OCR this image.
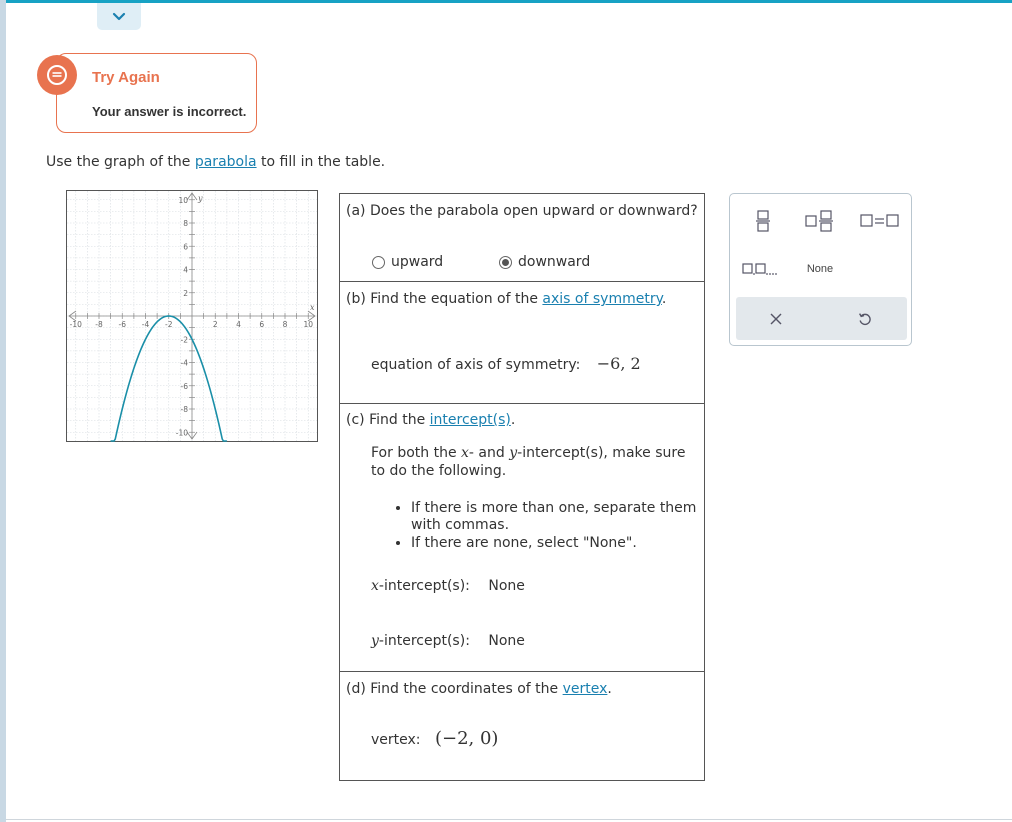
Try Again
Your answer is incorrect.
Use the graph of the parabola to fill in the table.
-10 -8 -6 -4 -2	2 4 6 8 10
10
8
6
4
2
-2
-4
-6
-8
-10
x
y
(a) Does the parabola open upward or downward?
upward	downward
(b) Find the equation of the axis of symmetry.
equation of axis of symmetry: −6, 2
(c) Find the intercept(s).
For both the x- and y-intercept(s), make sure
to do the following.
• If there is more than one, separate them with commas.
• If there are none, select "None".
x-intercept(s): None
y-intercept(s): None
(d) Find the coordinates of the vertex.
vertex: (−2, 0)
None
